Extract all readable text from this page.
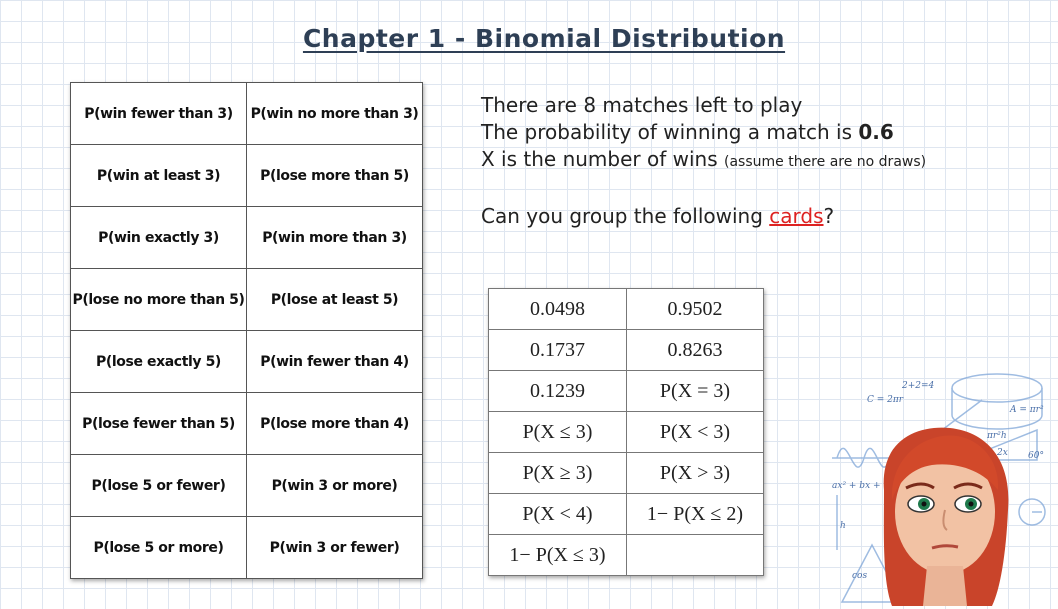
Chapter 1 - Binomial Distribution
P(win fewer than 3)	P(win no more than 3)
P(win at least 3)	P(lose more than 5)
P(win exactly 3)	P(win more than 3)
P(lose no more than 5)	P(lose at least 5)
P(lose exactly 5)	P(win fewer than 4)
P(lose fewer than 5)	P(lose more than 4)
P(lose 5 or fewer)	P(win 3 or more)
P(lose 5 or more)	P(win 3 or fewer)
There are 8 matches left to play
The probability of winning a match is 0.6
X is the number of wins (assume there are no draws)
Can you group the following cards?
0.0498	0.9502
0.1737	0.8263
0.1239	P(X = 3)
P(X ≤ 3)	P(X < 3)
P(X ≥ 3)	P(X > 3)
P(X < 4)	1− P(X ≤ 2)
1− P(X ≤ 3)	
C = 2πr
2+2=4
πr²h
2x 60°
ax² + bx +
h
cos
A = πr²
